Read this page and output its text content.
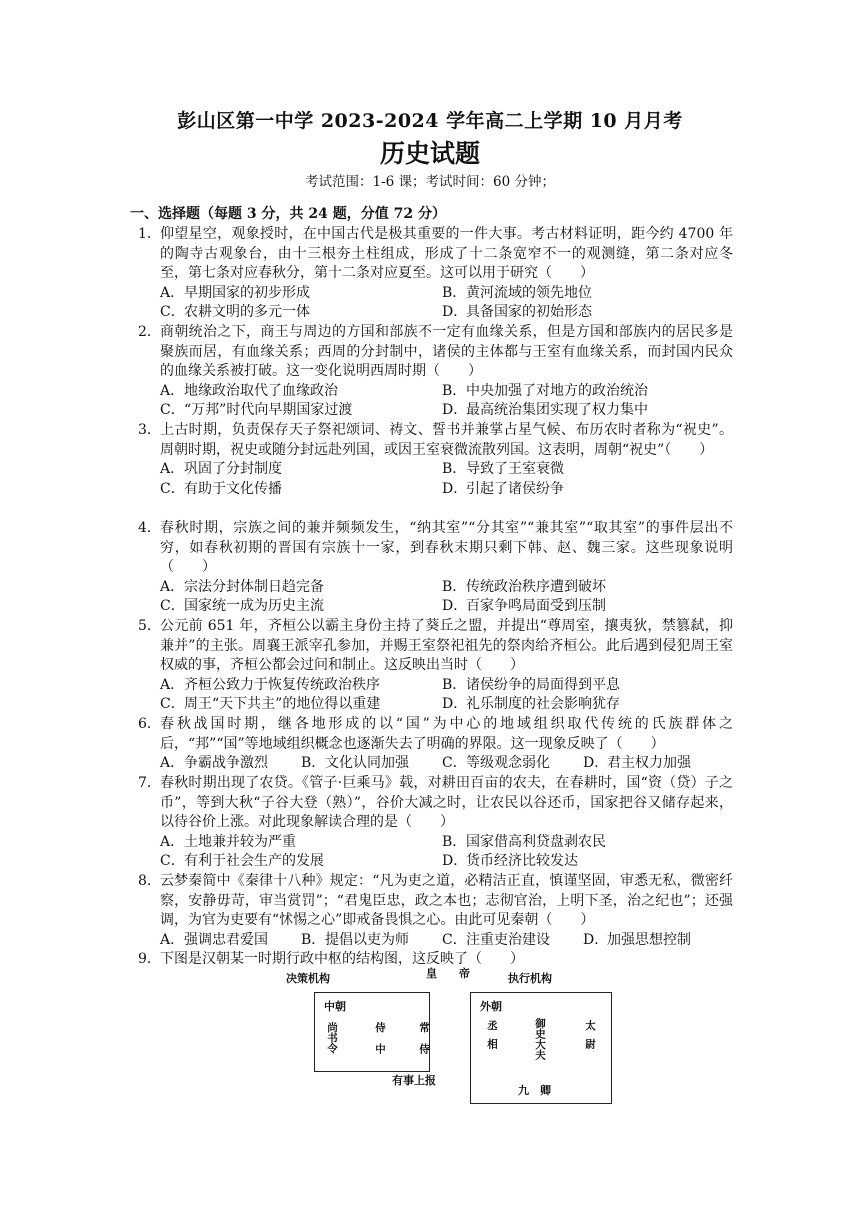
彭山区第一中学 2023-2024 学年高二上学期 10 月月考
历史试题
考试范围：1-6 课；考试时间：60 分钟；
一、选择题（每题 3 分，共 24 题，分值 72 分）
1． 仰望星空，观象授时，在中国古代是极其重要的一件大事。考古材料证明，距今约 4700 年的陶寺古观象台，由十三根夯土柱组成，形成了十二条宽窄不一的观测缝，第二条对应冬至，第七条对应春秋分，第十二条对应夏至。这可以用于研究（　　）
A．早期国家的初步形成	B．黄河流域的领先地位
C．农耕文明的多元一体	D．具备国家的初始形态
2． 商朝统治之下，商王与周边的方国和部族不一定有血缘关系，但是方国和部族内的居民多是聚族而居，有血缘关系；西周的分封制中，诸侯的主体都与王室有血缘关系，而封国内民众的血缘关系被打破。这一变化说明西周时期（　　）
A．地缘政治取代了血缘政治	B．中央加强了对地方的政治统治
C．“万邦”时代向早期国家过渡	D．最高统治集团实现了权力集中
3． 上古时期，负责保存天子祭祀颂词、祷文、誓书并兼掌占星气候、布历农时者称为“祝史”。周朝时期，祝史或随分封远赴列国，或因王室衰微流散列国。这表明，周朝“祝史”（　　）
A．巩固了分封制度	B．导致了王室衰微
C．有助于文化传播	D．引起了诸侯纷争
4． 春秋时期，宗族之间的兼并频频发生，“纳其室”“分其室”“兼其室”“取其室”的事件层出不穷，如春秋初期的晋国有宗族十一家，到春秋末期只剩下韩、赵、魏三家。这些现象说明（　　）
A．宗法分封体制日趋完备	B．传统政治秩序遭到破坏
C．国家统一成为历史主流	D．百家争鸣局面受到压制
5． 公元前 651 年，齐桓公以霸主身份主持了葵丘之盟，并提出“尊周室，攘夷狄，禁篡弑，抑兼并”的主张。周襄王派宰孔参加，并赐王室祭祀祖先的祭肉给齐桓公。此后遇到侵犯周王室权威的事，齐桓公都会过问和制止。这反映出当时（　　）
A．齐桓公致力于恢复传统政治秩序	B．诸侯纷争的局面得到平息
C．周王“天下共主”的地位得以重建	D．礼乐制度的社会影响犹存
6． 春秋战国时期，继各地形成的以“国”为中心的地域组织取代传统的氏族群体之后，“邦”“国”等地域组织概念也逐渐失去了明确的界限。这一现象反映了（　　）
A．争霸战争激烈	B．文化认同加强	C．等级观念弱化	D．君主权力加强
7． 春秋时期出现了农贷。《管子·巨乘马》载，对耕田百亩的农夫，在春耕时，国“资（贷）子之币”，等到大秋“子谷大登（熟）”，谷价大减之时，让农民以谷还币，国家把谷又储存起来，以待谷价上涨。对此现象解读合理的是（　　）
A．土地兼并较为严重	B．国家借高利贷盘剥农民
C．有利于社会生产的发展	D．货币经济比较发达
8． 云梦秦简中《秦律十八种》规定：“凡为吏之道，必精洁正直，慎谨坚固，审悉无私，微密纤察，安静毋苛，审当赏罚”；“君鬼臣忠，政之本也；志彻官治，上明下圣，治之纪也”；还强调，为官为吏要有“怵惕之心”即戒备畏惧之心。由此可见秦朝（　　）
A．强调忠君爱国	B．提倡以吏为师	C．注重吏治建设	D．加强思想控制
9． 下图是汉朝某一时期行政中枢的结构图，这反映了（　　）
决策机构	皇　　帝	执行机构
中朝
尚书令	侍中	常侍
有事上报
外朝
丞相	御史大夫	太尉
九　卿
